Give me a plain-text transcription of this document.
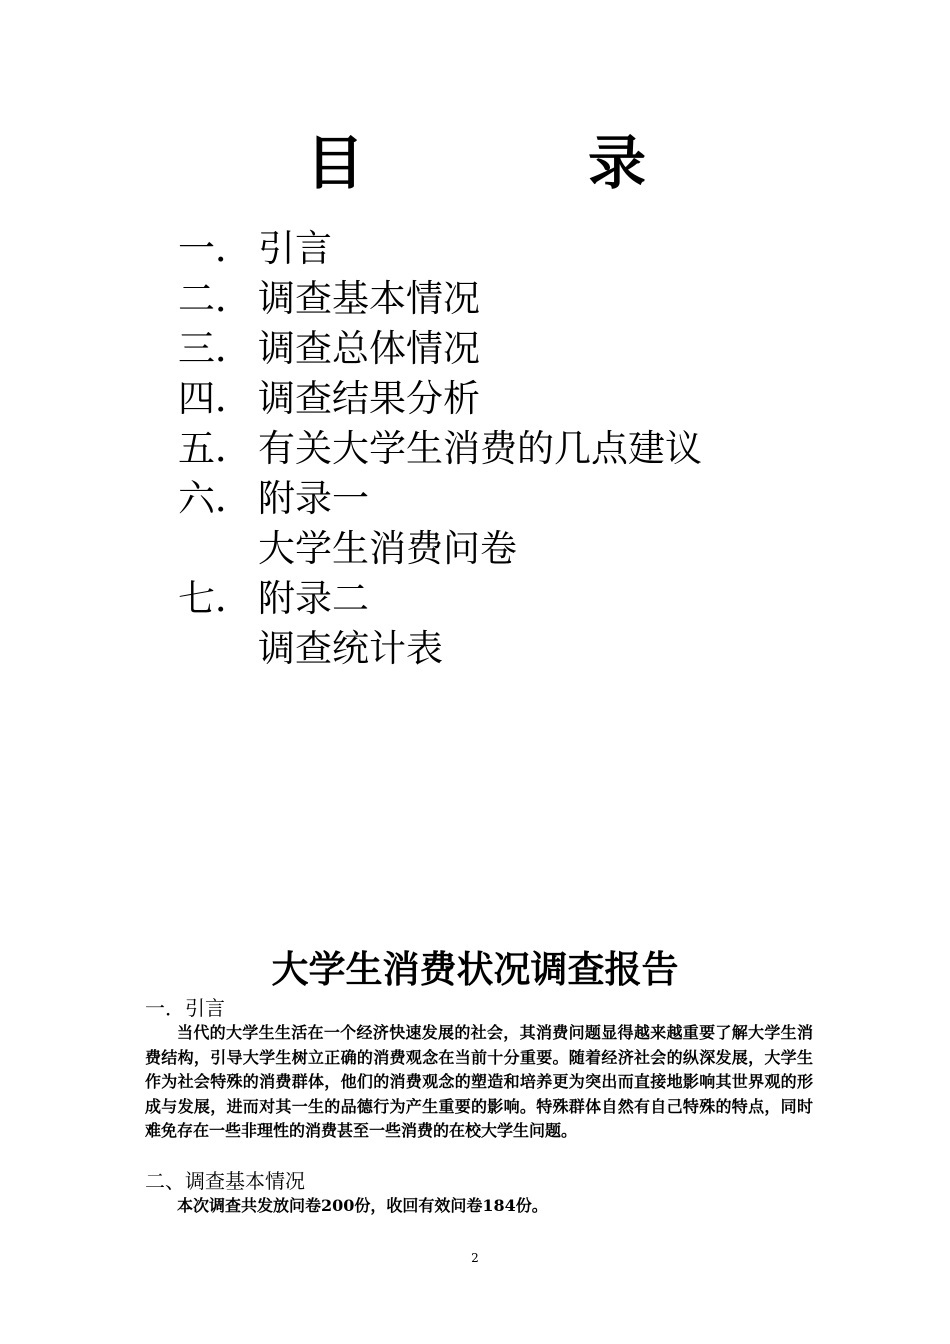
目	录
一． 引言
二． 调查基本情况
三． 调查总体情况
四． 调查结果分析
五． 有关大学生消费的几点建议
六． 附录一
大学生消费问卷
七． 附录二
调查统计表
大学生消费状况调查报告
一．引言
当代的大学生生活在一个经济快速发展的社会，其消费问题显得越来越重要了解大学生消费结构，引导大学生树立正确的消费观念在当前十分重要。随着经济社会的纵深发展，大学生作为社会特殊的消费群体，他们的消费观念的塑造和培养更为突出而直接地影响其世界观的形成与发展，进而对其一生的品德行为产生重要的影响。特殊群体自然有自己特殊的特点，同时难免存在一些非理性的消费甚至一些消费的在校大学生问题。
二、调查基本情况
本次调查共发放问卷200份，收回有效问卷184份。
2
